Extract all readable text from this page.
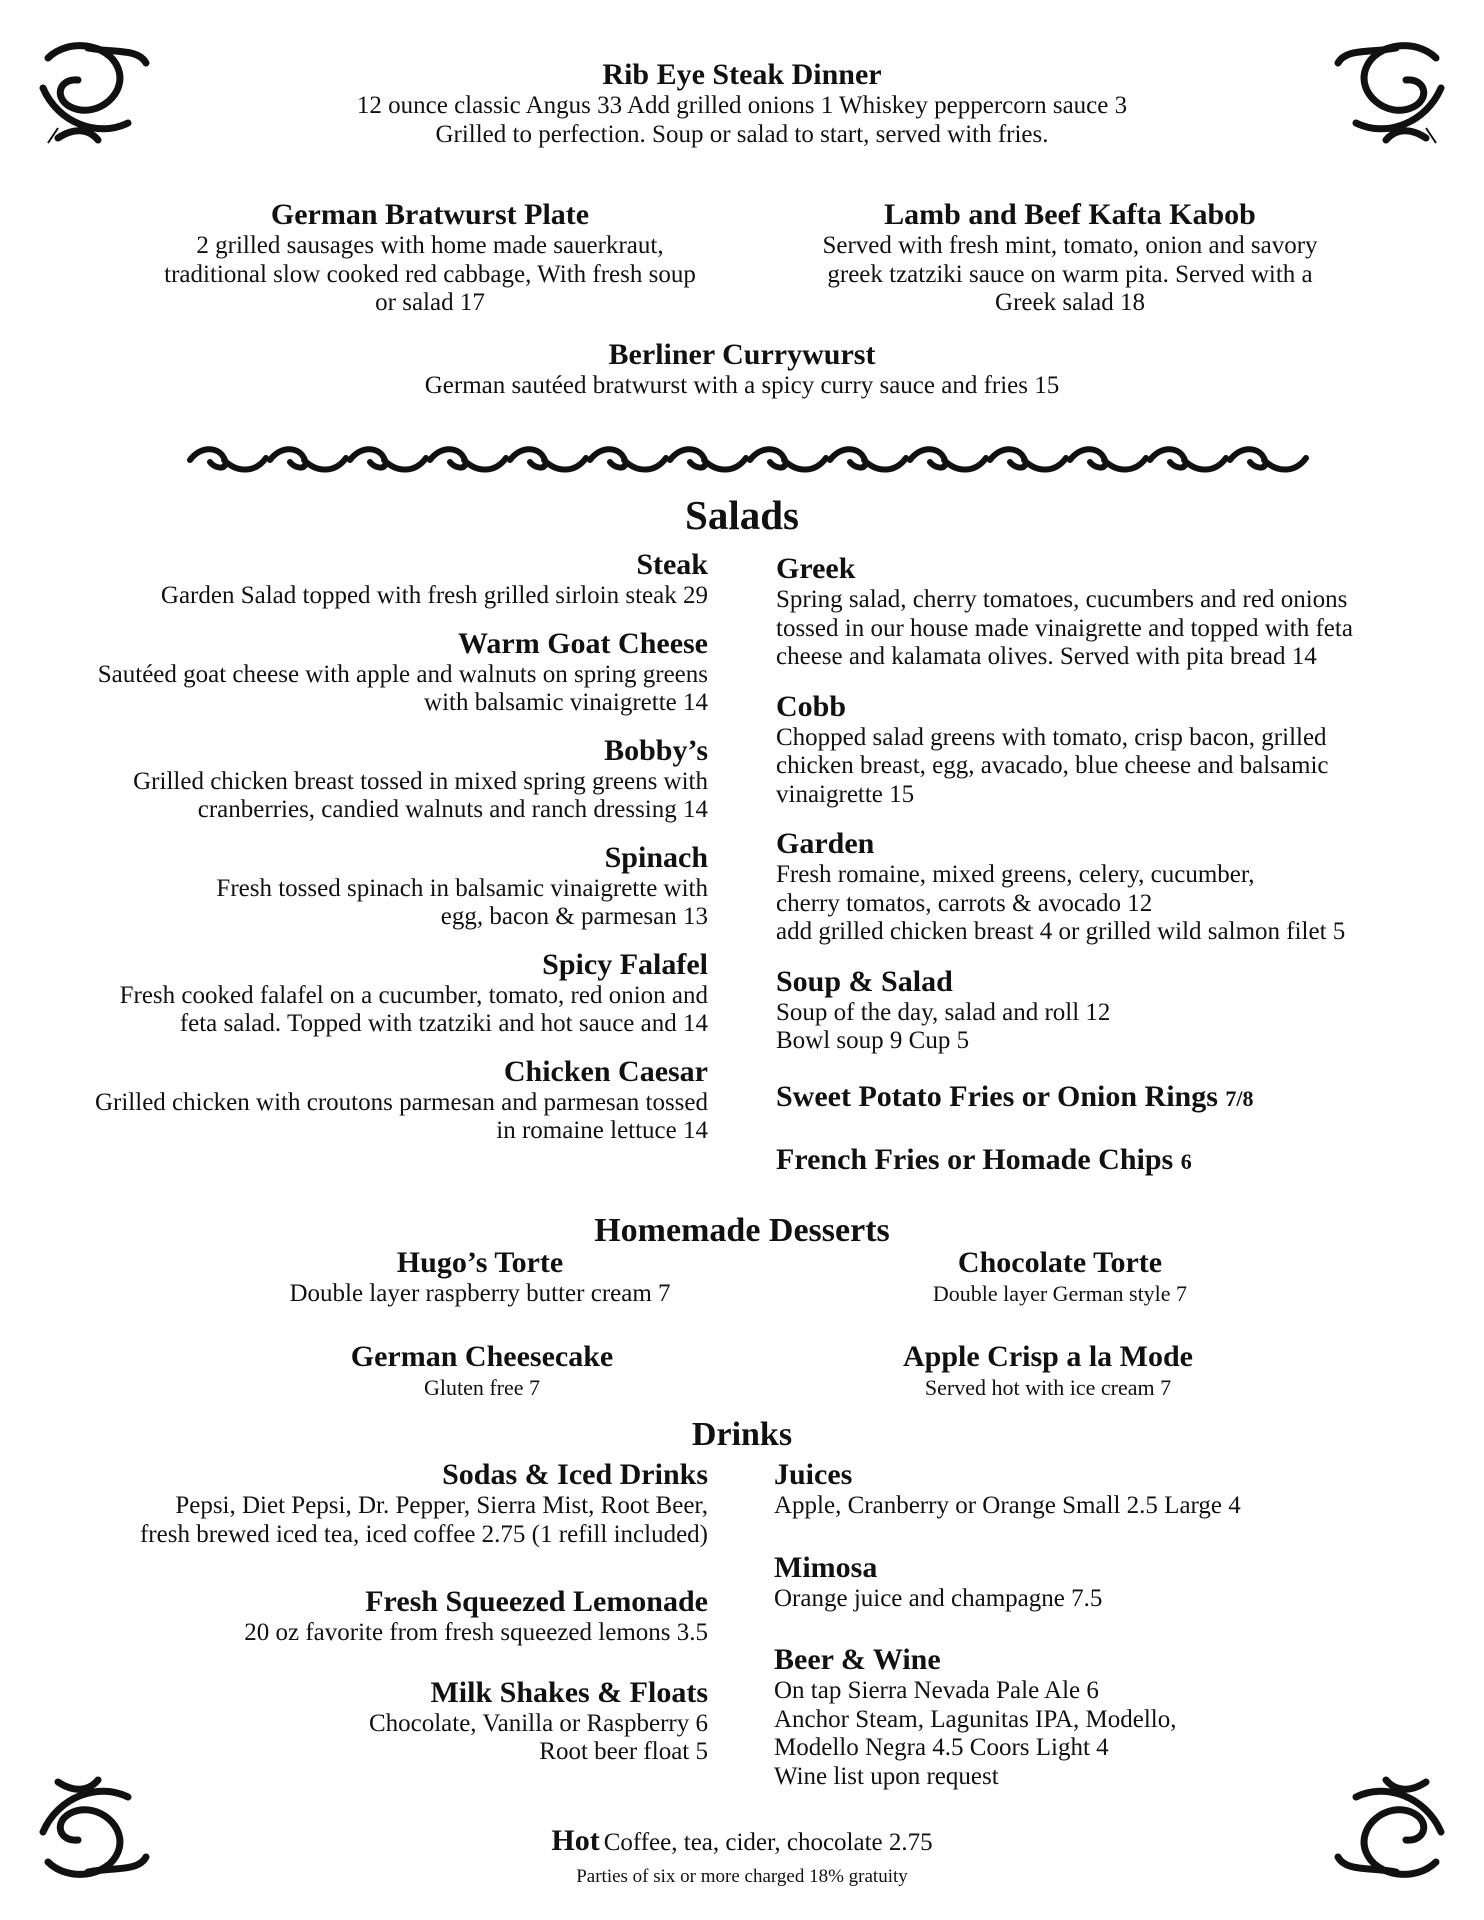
Rib Eye Steak Dinner
12 ounce classic Angus 33 Add grilled onions 1 Whiskey peppercorn sauce 3
Grilled to perfection. Soup or salad to start, served with fries.
German Bratwurst Plate
2 grilled sausages with home made sauerkraut,
traditional slow cooked red cabbage, With fresh soup
or salad 17
Lamb and Beef Kafta Kabob
Served with fresh mint, tomato, onion and savory
greek tzatziki sauce on warm pita. Served with a
Greek salad 18
Berliner Currywurst
German sautéed bratwurst with a spicy curry sauce and fries 15
Salads
Steak
Garden Salad topped with fresh grilled sirloin steak 29
Warm Goat Cheese
Sautéed goat cheese with apple and walnuts on spring greens
with balsamic vinaigrette 14
Bobby’s
Grilled chicken breast tossed in mixed spring greens with
cranberries, candied walnuts and ranch dressing 14
Spinach
Fresh tossed spinach in balsamic vinaigrette with
egg, bacon & parmesan 13
Spicy Falafel
Fresh cooked falafel on a cucumber, tomato, red onion and
feta salad. Topped with tzatziki and hot sauce and 14
Chicken Caesar
Grilled chicken with croutons parmesan and parmesan tossed
in romaine lettuce 14
Greek
Spring salad, cherry tomatoes, cucumbers and red onions
tossed in our house made vinaigrette and topped with feta
cheese and kalamata olives. Served with pita bread 14
Cobb
Chopped salad greens with tomato, crisp bacon, grilled
chicken breast, egg, avacado, blue cheese and balsamic
vinaigrette 15
Garden
Fresh romaine, mixed greens, celery, cucumber,
cherry tomatos, carrots & avocado 12
add grilled chicken breast 4 or grilled wild salmon filet 5
Soup & Salad
Soup of the day, salad and roll 12
Bowl soup 9 Cup 5
Sweet Potato Fries or Onion Rings 7/8
French Fries or Homade Chips 6
Homemade Desserts
Hugo’s Torte
Double layer raspberry butter cream 7
Chocolate Torte
Double layer German style 7
German Cheesecake
Gluten free 7
Apple Crisp a la Mode
Served hot with ice cream 7
Drinks
Sodas & Iced Drinks
Pepsi, Diet Pepsi, Dr. Pepper, Sierra Mist, Root Beer,
fresh brewed iced tea, iced coffee 2.75 (1 refill included)
Fresh Squeezed Lemonade
20 oz favorite from fresh squeezed lemons 3.5
Milk Shakes & Floats
Chocolate, Vanilla or Raspberry 6
Root beer float 5
Juices
Apple, Cranberry or Orange Small 2.5 Large 4
Mimosa
Orange juice and champagne 7.5
Beer & Wine
On tap Sierra Nevada Pale Ale 6
Anchor Steam, Lagunitas IPA, Modello,
Modello Negra 4.5 Coors Light 4
Wine list upon request
Hot Coffee, tea, cider, chocolate 2.75
Parties of six or more charged 18% gratuity
